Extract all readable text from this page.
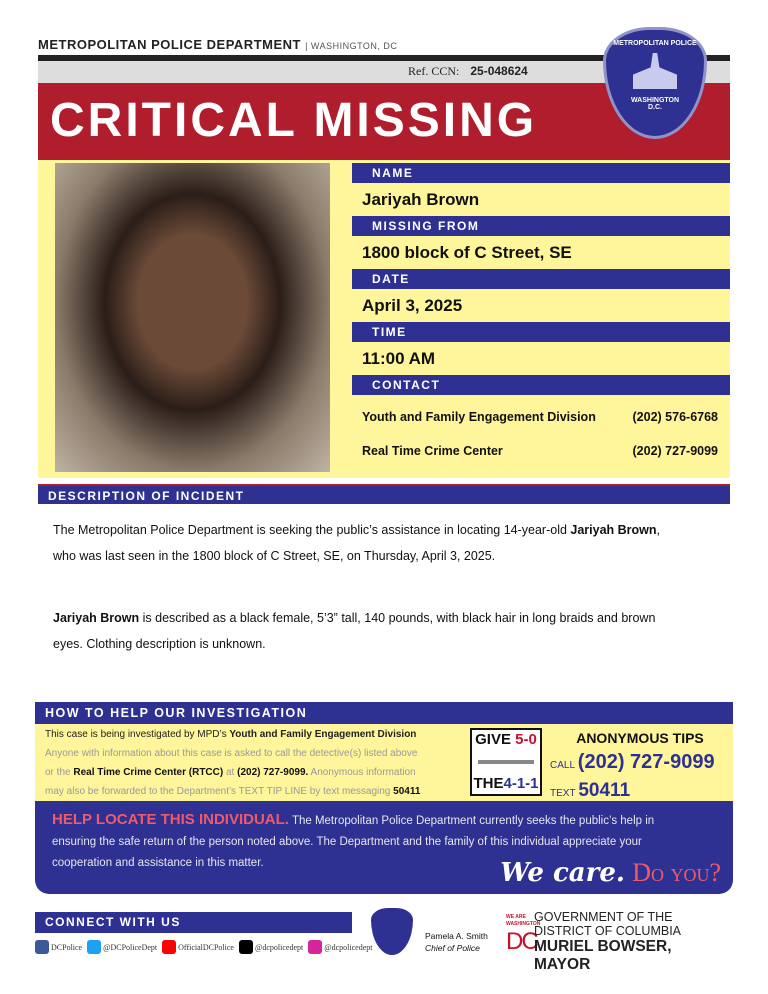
METROPOLITAN POLICE DEPARTMENT | WASHINGTON, DC
Ref. CCN: 25-048624
CRITICAL MISSING
METROPOLITAN POLICE
WASHINGTON
D.C.
NAME
Jariyah Brown
MISSING FROM
1800 block of C Street, SE
DATE
April 3, 2025
TIME
11:00 AM
CONTACT
Youth and Family Engagement Division	(202) 576-6768
Real Time Crime Center	(202) 727-9099
DESCRIPTION OF INCIDENT

The Metropolitan Police Department is seeking the public’s assistance in locating 14-year-old Jariyah Brown, who was last seen in the 1800 block of C Street, SE, on Thursday, April 3, 2025.

Jariyah Brown is described as a black female, 5’3” tall, 140 pounds, with black hair in long braids and brown eyes. Clothing description is unknown.

HOW TO HELP OUR INVESTIGATION
This case is being investigated by MPD’s Youth and Family Engagement Division
Anyone with information about this case is asked to call the detective(s) listed above
or the Real Time Crime Center (RTCC) at (202) 727-9099. Anonymous information
may also be forwarded to the Department’s TEXT TIP LINE by text messaging 50411
GIVE 5-0
THE4-1-1
ANONYMOUS TIPS
CALL (202) 727-9099
TEXT 50411
HELP LOCATE THIS INDIVIDUAL. The Metropolitan Police Department currently seeks the public’s help in ensuring the safe return of the person noted above. The Department and the family of this individual appreciate your cooperation and assistance in this matter.	We care. Do you?
CONNECT WITH US
DCPolice	@DCPoliceDept	OfficialDCPolice	@dcpolicedept	@dcpolicedept
Pamela A. Smith
Chief of Police
WE ARE WASHINGTON
DC
GOVERNMENT OF THE
DISTRICT OF COLUMBIA
MURIEL BOWSER, MAYOR
